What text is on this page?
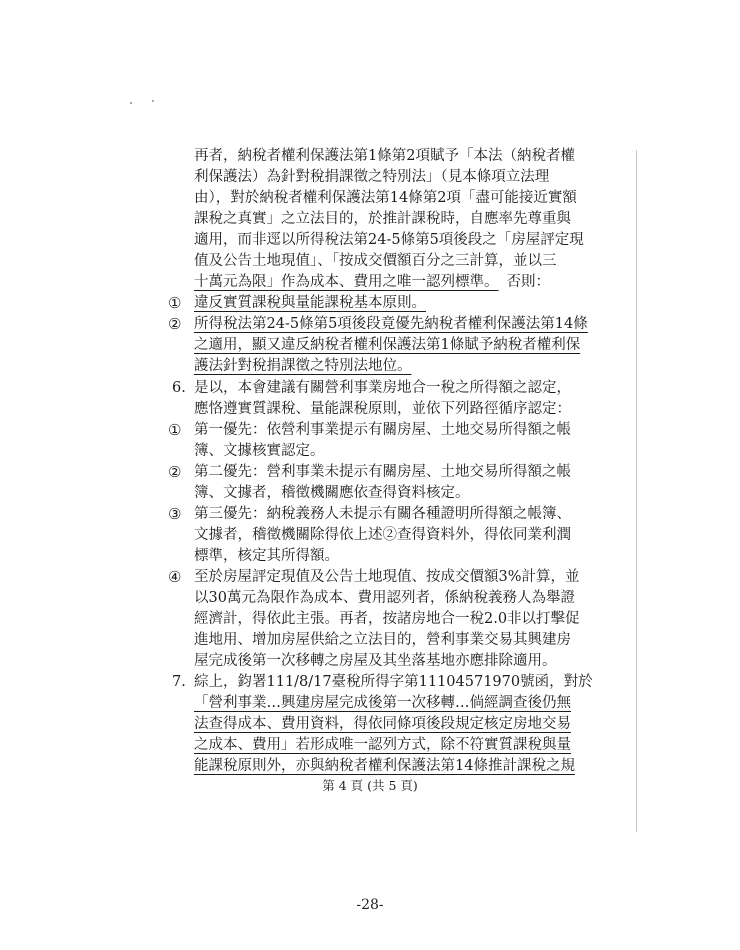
再者，納稅者權利保護法第1條第2項賦予「本法（納稅者權
利保護法）為針對稅捐課徵之特別法」（見本條項立法理
由），對於納稅者權利保護法第14條第2項「盡可能接近實額
課稅之真實」之立法目的，於推計課稅時，自應率先尊重與
適用，而非逕以所得稅法第24-5條第5項後段之「房屋評定現
值及公告土地現值」、「按成交價額百分之三計算，並以三
十萬元為限」作為成本、費用之唯一認列標準。 否則：
① 違反實質課稅與量能課稅基本原則。
② 所得稅法第24-5條第5項後段竟優先納稅者權利保護法第14條
之適用，顯又違反納稅者權利保護法第1條賦予納稅者權利保
護法針對稅捐課徵之特別法地位。
6. 是以，本會建議有關營利事業房地合一稅之所得額之認定，
應恪遵實質課稅、量能課稅原則，並依下列路徑循序認定：
① 第一優先：依營利事業提示有關房屋、土地交易所得額之帳
簿、文據核實認定。
② 第二優先：營利事業未提示有關房屋、土地交易所得額之帳
簿、文據者，稽徵機關應依查得資料核定。
③ 第三優先：納稅義務人未提示有關各種證明所得額之帳簿、
文據者，稽徵機關除得依上述②查得資料外，得依同業利潤
標準，核定其所得額。
④ 至於房屋評定現值及公告土地現值、按成交價額3%計算，並
以30萬元為限作為成本、費用認列者，係納稅義務人為舉證
經濟計，得依此主張。再者，按諸房地合一稅2.0非以打擊促
進地用、增加房屋供給之立法目的，營利事業交易其興建房
屋完成後第一次移轉之房屋及其坐落基地亦應排除適用。
7. 綜上，鈞署111/8/17臺稅所得字第11104571970號函，對於
「營利事業…興建房屋完成後第一次移轉…倘經調查後仍無
法查得成本、費用資料，得依同條項後段規定核定房地交易
之成本、費用」若形成唯一認列方式，除不符實質課稅與量
能課稅原則外，亦與納稅者權利保護法第14條推計課稅之規
第 4 頁 (共 5 頁)
-28-
